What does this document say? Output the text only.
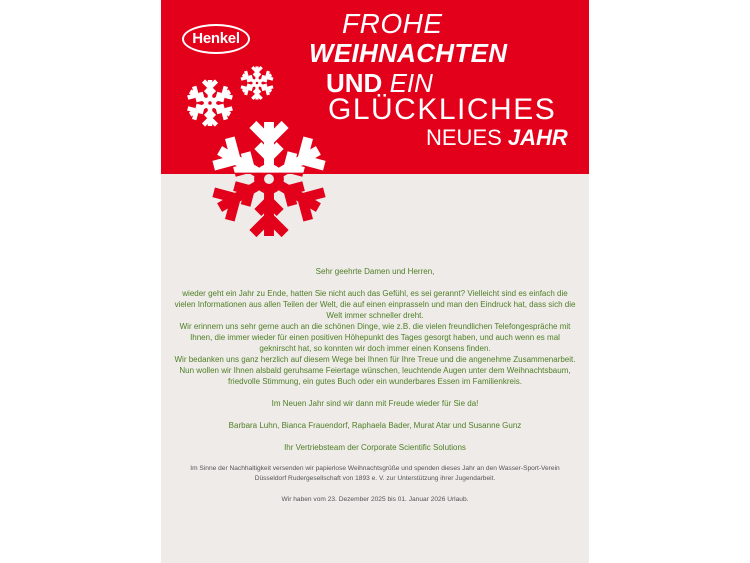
Henkel	FROHE
WEIHNACHTEN
UND EIN
GLÜCKLICHES
NEUES JAHR
Sehr geehrte Damen und Herren,
wieder geht ein Jahr zu Ende, hatten Sie nicht auch das Gefühl, es sei gerannt? Vielleicht sind es einfach die vielen Informationen aus allen Teilen der Welt, die auf einen einprasseln und man den Eindruck hat, dass sich die Welt immer schneller dreht.
Wir erinnern uns sehr gerne auch an die schönen Dinge, wie z.B. die vielen freundlichen Telefongespräche mit Ihnen, die immer wieder für einen positiven Höhepunkt des Tages gesorgt haben, und auch wenn es mal geknirscht hat, so konnten wir doch immer einen Konsens finden.
Wir bedanken uns ganz herzlich auf diesem Wege bei Ihnen für Ihre Treue und die angenehme Zusammenarbeit.
Nun wollen wir Ihnen alsbald geruhsame Feiertage wünschen, leuchtende Augen unter dem Weihnachtsbaum, friedvolle Stimmung, ein gutes Buch oder ein wunderbares Essen im Familienkreis.
Im Neuen Jahr sind wir dann mit Freude wieder für Sie da!
Barbara Luhn, Bianca Frauendorf, Raphaela Bader, Murat Atar und Susanne Gunz
Ihr Vertriebsteam der Corporate Scientific Solutions
Im Sinne der Nachhaltigkeit versenden wir papierlose Weihnachtsgrüße und spenden dieses Jahr an den Wasser-Sport-Verein Düsseldorf Rudergesellschaft von 1893 e. V. zur Unterstützung ihrer Jugendarbeit.
Wir haben vom 23. Dezember 2025 bis 01. Januar 2026 Urlaub.
